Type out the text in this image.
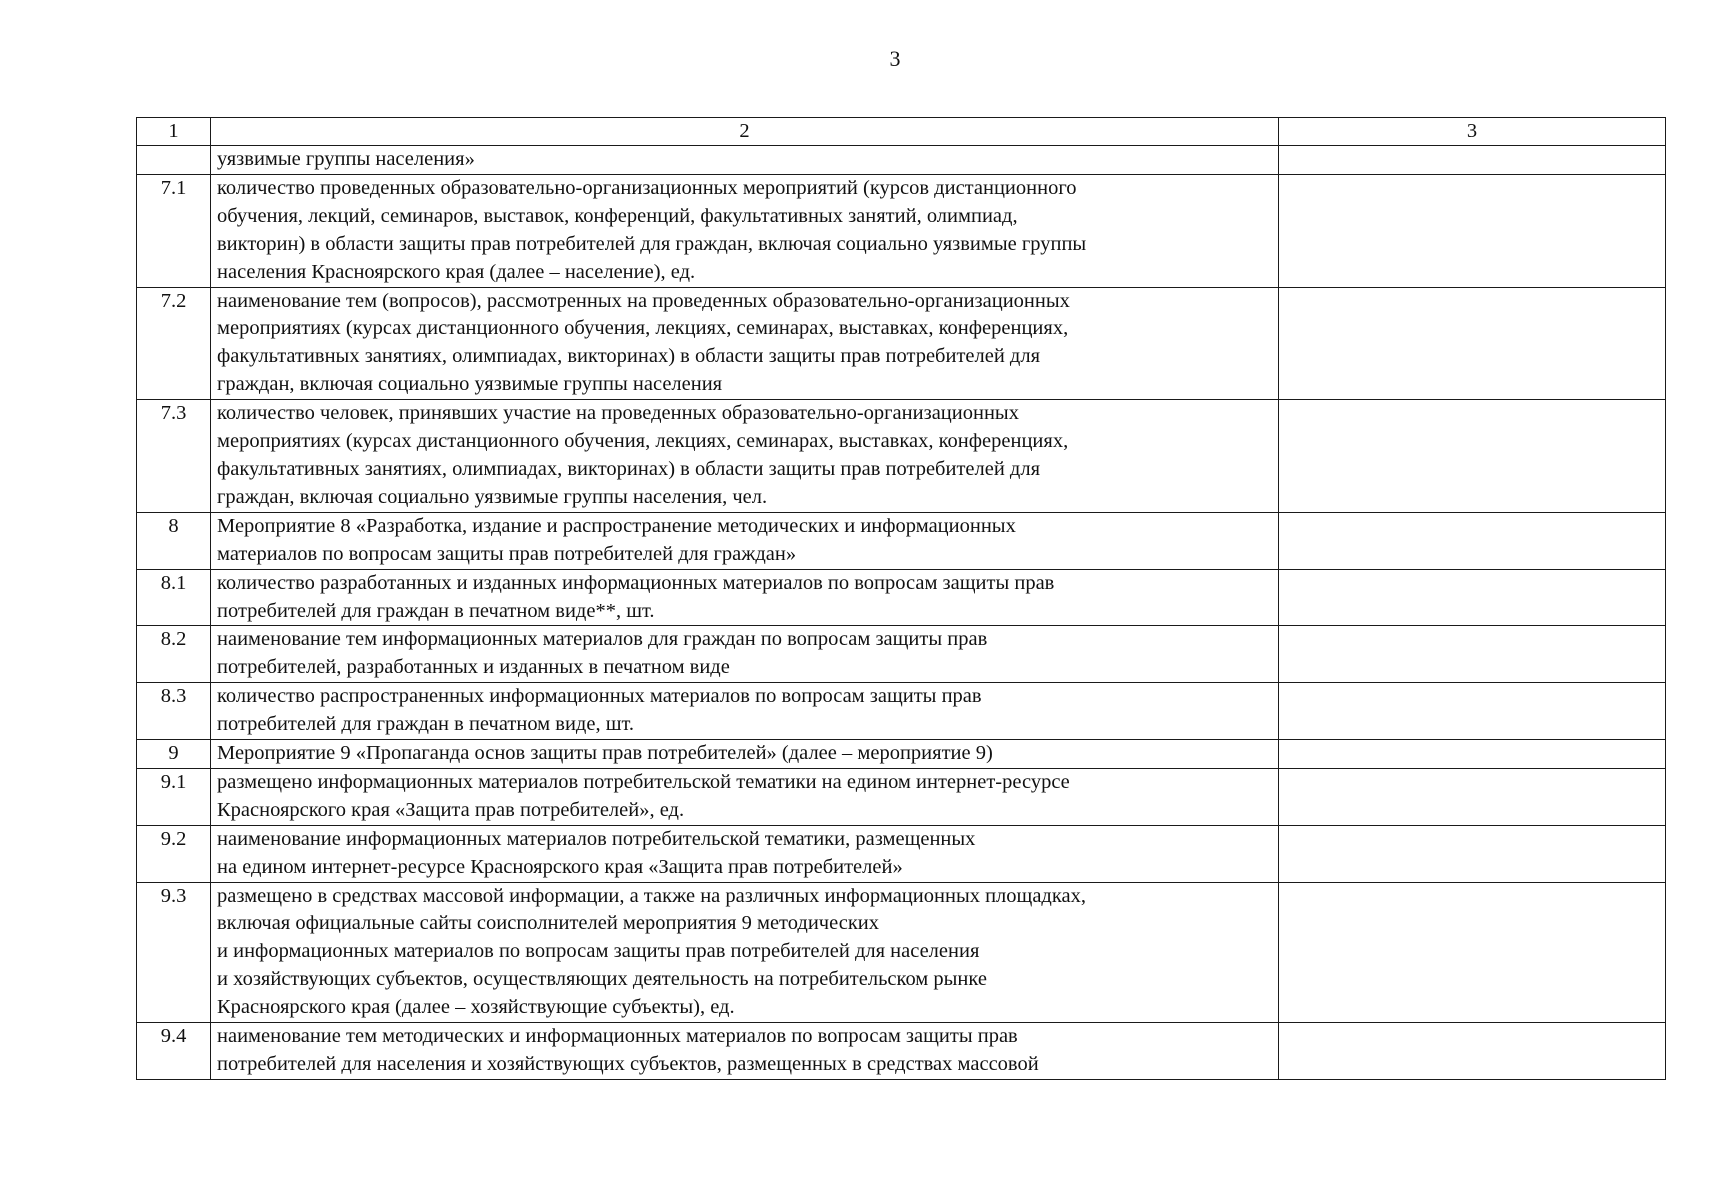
3
1	2	3

	уязвимые группы населения»	

7.1	количество проведенных образовательно-организационных мероприятий (курсов дистанционного
обучения, лекций, семинаров, выставок, конференций, факультативных занятий, олимпиад,
викторин) в области защиты прав потребителей для граждан, включая социально уязвимые группы
населения Красноярского края (далее – население), ед.	

7.2	наименование тем (вопросов), рассмотренных на проведенных образовательно-организационных
мероприятиях (курсах дистанционного обучения, лекциях, семинарах, выставках, конференциях,
факультативных занятиях, олимпиадах, викторинах) в области защиты прав потребителей для
граждан, включая социально уязвимые группы населения	

7.3	количество человек, принявших участие на проведенных образовательно-организационных
мероприятиях (курсах дистанционного обучения, лекциях, семинарах, выставках, конференциях,
факультативных занятиях, олимпиадах, викторинах) в области защиты прав потребителей для
граждан, включая социально уязвимые группы населения, чел.	

8	Мероприятие 8 «Разработка, издание и распространение методических и информационных
материалов по вопросам защиты прав потребителей для граждан»	

8.1	количество разработанных и изданных информационных материалов по вопросам защиты прав
потребителей для граждан в печатном виде**, шт.	

8.2	наименование тем информационных материалов для граждан по вопросам защиты прав
потребителей, разработанных и изданных в печатном виде	

8.3	количество распространенных информационных материалов по вопросам защиты прав
потребителей для граждан в печатном виде, шт.	

9	Мероприятие 9 «Пропаганда основ защиты прав потребителей» (далее – мероприятие 9)	

9.1	размещено информационных материалов потребительской тематики на едином интернет-ресурсе
Красноярского края «Защита прав потребителей», ед.	

9.2	наименование информационных материалов потребительской тематики, размещенных
на едином интернет-ресурсе Красноярского края «Защита прав потребителей»	

9.3	размещено в средствах массовой информации, а также на различных информационных площадках,
включая официальные сайты соисполнителей мероприятия 9 методических
и информационных материалов по вопросам защиты прав потребителей для населения
и хозяйствующих субъектов, осуществляющих деятельность на потребительском рынке
Красноярского края (далее – хозяйствующие субъекты), ед.	

9.4	наименование тем методических и информационных материалов по вопросам защиты прав
потребителей для населения и хозяйствующих субъектов, размещенных в средствах массовой	
